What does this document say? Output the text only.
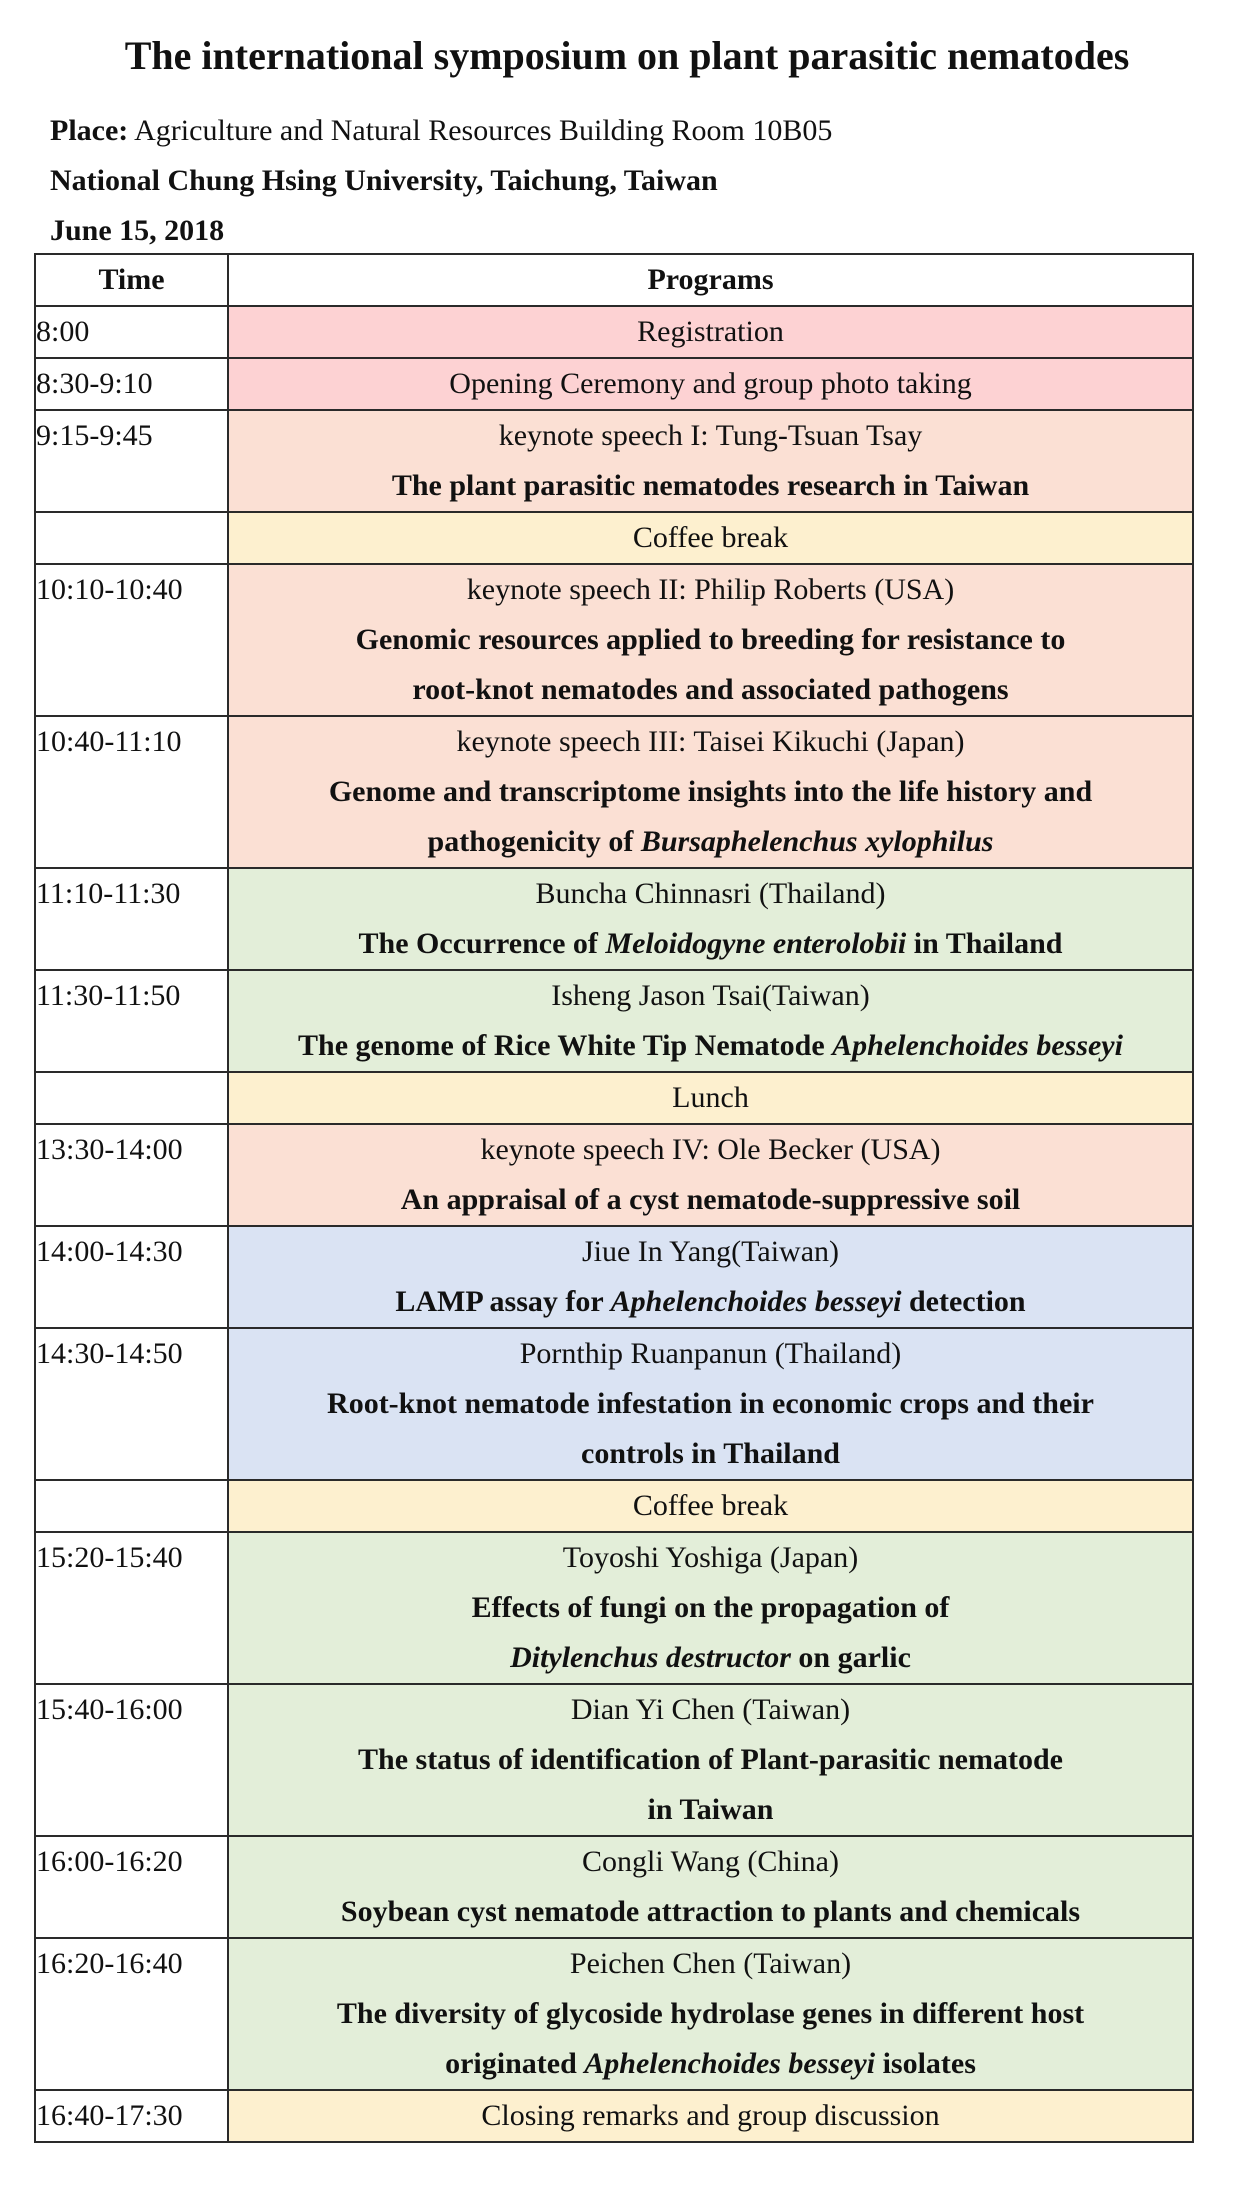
The international symposium on plant parasitic nematodes

Place: Agriculture and Natural Resources Building Room 10B05

National Chung Hsing University, Taichung, Taiwan

June 15, 2018

Time	Programs
8:00	Registration

8:30-9:10	Opening Ceremony and group photo taking

9:15-9:45	keynote speech I: Tung-Tsuan Tsay
The plant parasitic nematodes research in Taiwan

	Coffee break

10:10-10:40	keynote speech II: Philip Roberts (USA)
Genomic resources applied to breeding for resistance to
root-knot nematodes and associated pathogens

10:40-11:10	keynote speech III: Taisei Kikuchi (Japan)
Genome and transcriptome insights into the life history and
pathogenicity of Bursaphelenchus xylophilus

11:10-11:30	Buncha Chinnasri (Thailand)
The Occurrence of Meloidogyne enterolobii in Thailand

11:30-11:50	Isheng Jason Tsai(Taiwan)
The genome of Rice White Tip Nematode Aphelenchoides besseyi

	Lunch

13:30-14:00	keynote speech IV: Ole Becker (USA)
An appraisal of a cyst nematode-suppressive soil

14:00-14:30	Jiue In Yang(Taiwan)
LAMP assay for Aphelenchoides besseyi detection

14:30-14:50	Pornthip Ruanpanun (Thailand)
Root-knot nematode infestation in economic crops and their
controls in Thailand

	Coffee break

15:20-15:40	Toyoshi Yoshiga (Japan)
Effects of fungi on the propagation of
Ditylenchus destructor on garlic

15:40-16:00	Dian Yi Chen (Taiwan)
The status of identification of Plant-parasitic nematode
in Taiwan

16:00-16:20	Congli Wang (China)
Soybean cyst nematode attraction to plants and chemicals

16:20-16:40	Peichen Chen (Taiwan)
The diversity of glycoside hydrolase genes in different host
originated Aphelenchoides besseyi isolates

16:40-17:30	Closing remarks and group discussion
